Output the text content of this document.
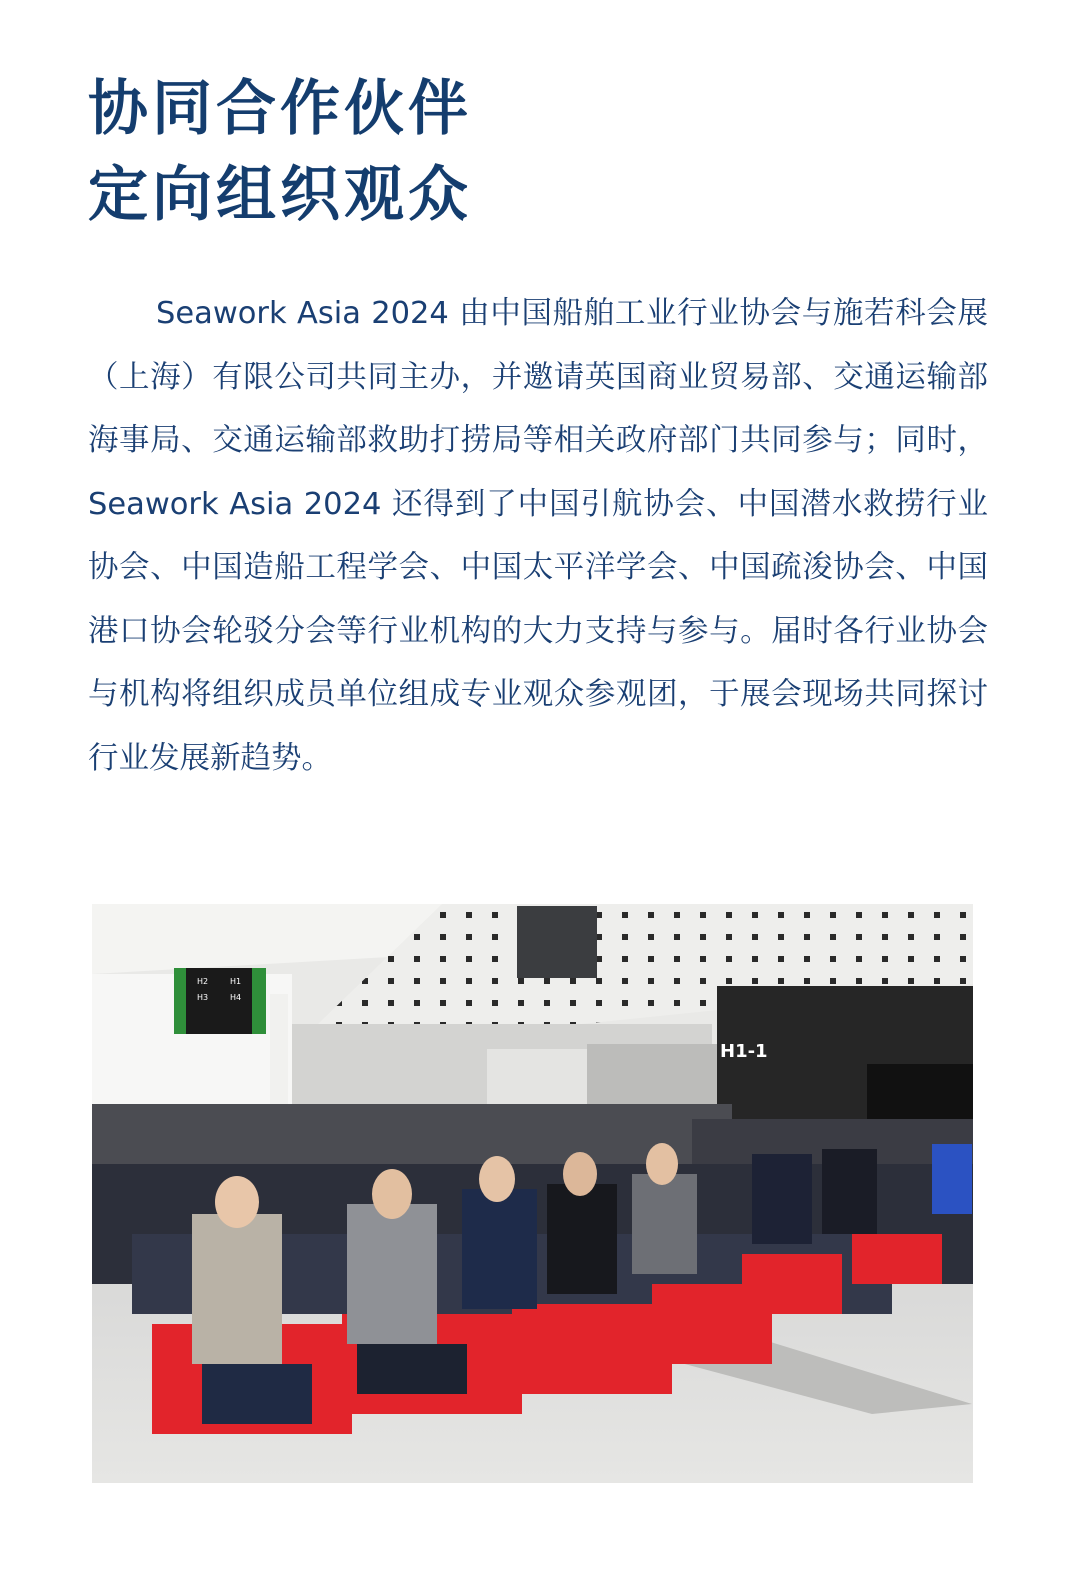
协同合作伙伴
定向组织观众

Seawork Asia 2024 由中国船舶工业行业协会与施若科会展（上海）有限公司共同主办，并邀请英国商业贸易部、交通运输部海事局、交通运输部救助打捞局等相关政府部门共同参与；同时，Seawork Asia 2024 还得到了中国引航协会、中国潜水救捞行业协会、中国造船工程学会、中国太平洋学会、中国疏浚协会、中国港口协会轮驳分会等行业机构的大力支持与参与。届时各行业协会与机构将组织成员单位组成专业观众参观团，于展会现场共同探讨行业发展新趋势。

H1-1
H2	H1
H3	H4
